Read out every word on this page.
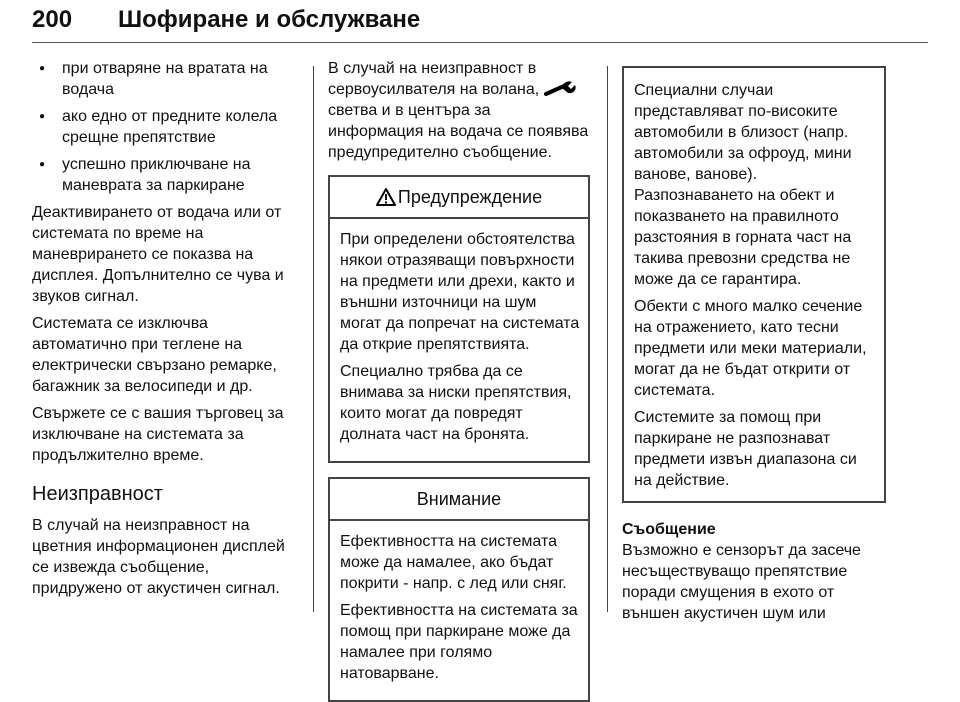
200 Шофиране и обслужване
● при отваряне на вратата на водача
● ако едно от предните колела срещне препятствие
● успешно приключване на маневрата за паркиране

Деактивирането от водача или от системата по време на маневрирането се показва на дисплея. Допълнително се чува и звуков сигнал.

Системата се изключва автоматично при теглене на електрически свързано ремарке, багажник за велосипеди и др.

Свържете се с вашия търговец за изключване на системата за продължително време.

Неизправност

В случай на неизправност на цветния информационен дисплей се извежда съобщение, придружено от акустичен сигнал.

В случай на неизправност в сервоусилвателя на волана,  светва и в центъра за информация на водача се появява предупредително съобщение.

Предупреждение

При определени обстоятелства някои отразяващи повърхности на предмети или дрехи, както и външни източници на шум могат да попречат на системата да открие препятствията.

Специално трябва да се внимава за ниски препятствия, които могат да повредят долната част на бронята.

Внимание

Ефективността на системата може да намалее, ако бъдат покрити - напр. с лед или сняг.

Ефективността на системата за помощ при паркиране може да намалее при голямо натоварване.

Специални случаи представляват по-високите автомобили в близост (напр. автомобили за офроуд, мини ванове, ванове). Разпознаването на обект и показването на правилното разстояния в горната част на такива превозни средства не може да се гарантира.

Обекти с много малко сечение на отражението, като тесни предмети или меки материали, могат да не бъдат открити от системата.

Системите за помощ при паркиране не разпознават предмети извън диапазона си на действие.

Съобщение

Възможно е сензорът да засече несъществуващо препятствие поради смущения в ехото от външен акустичен шум или
